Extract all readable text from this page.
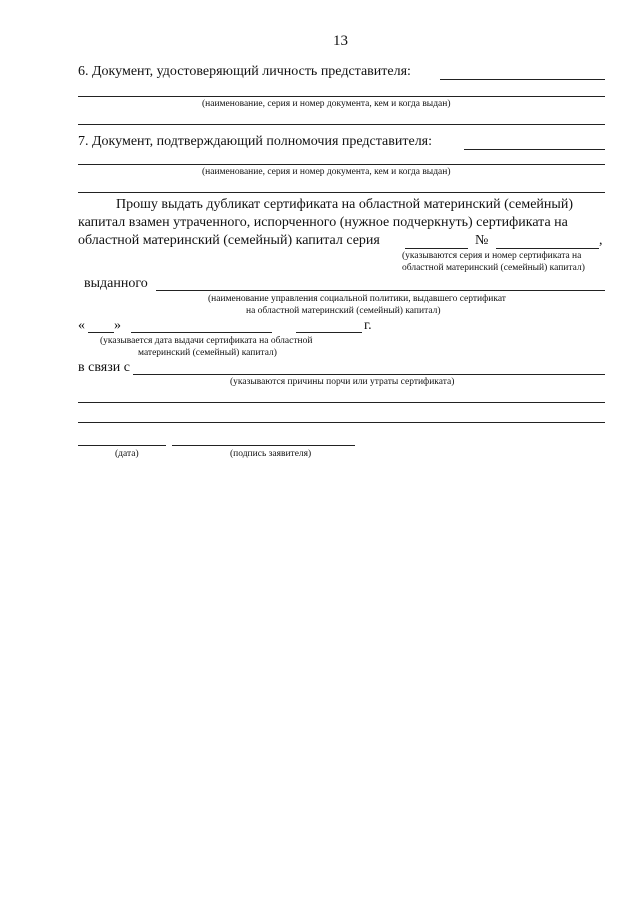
13
6. Документ, удостоверяющий личность представителя:
(наименование, серия и номер документа, кем и когда выдан)
7. Документ, подтверждающий полномочия представителя:
(наименование, серия и номер документа, кем и когда выдан)
Прошу выдать дубликат сертификата на областной материнский (семейный)
капитал взамен утраченного, испорченного (нужное подчеркнуть) сертификата на
областной материнский (семейный) капитал серия	№	,
(указываются серия и номер сертификата на
областной материнский (семейный) капитал)
выданного
(наименование управления социальной политики, выдавшего сертификат
на областной материнский (семейный) капитал)
« »	г.
(указывается дата выдачи сертификата на областной
материнский (семейный) капитал)
в связи с
(указываются причины порчи или утраты сертификата)
(дата)	(подпись заявителя)
